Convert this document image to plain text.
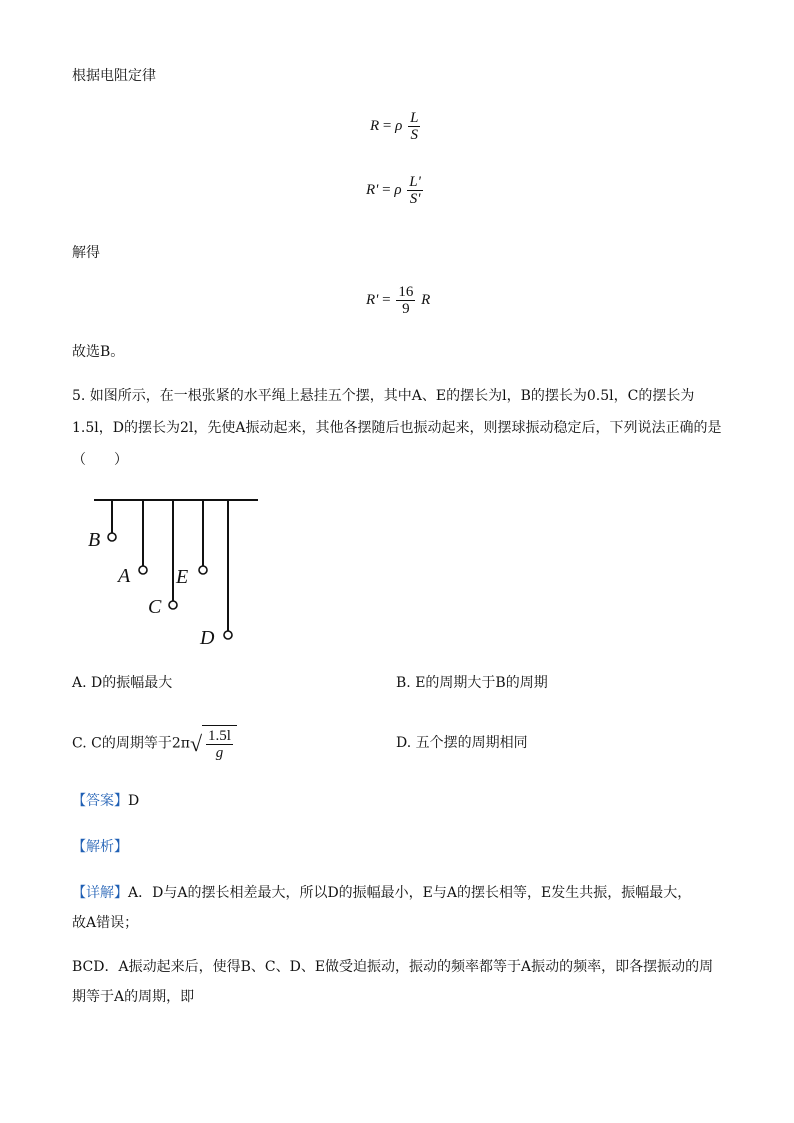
根据电阻定律
R = ρ $\frac{L}{S}$
R' = ρ $\frac{L'}{S'}$
解得
$R' = \frac{16}{9}$ R
故选B。
5. 如图所示，在一根张紧的水平绳上悬挂五个摆，其中A、E的摆长为l，B的摆长为0.5l，C的摆长为
1.5l，D的摆长为2l，先使A振动起来，其他各摆随后也振动起来，则摆球振动稳定后，下列说法正确的是
（　　）
B
A E
C
D
A. D的振幅最大	B. E的周期大于B的周期
C. C的周期等于2π √ $\frac{1.5l}{g}$	D. 五个摆的周期相同
【答案】D
【解析】
【详解】A．D与A的摆长相差最大，所以D的振幅最小，E与A的摆长相等，E发生共振，振幅最大，
故A错误；
BCD．A振动起来后，使得B、C、D、E做受迫振动，振动的频率都等于A振动的频率，即各摆振动的周
期等于A的周期，即
